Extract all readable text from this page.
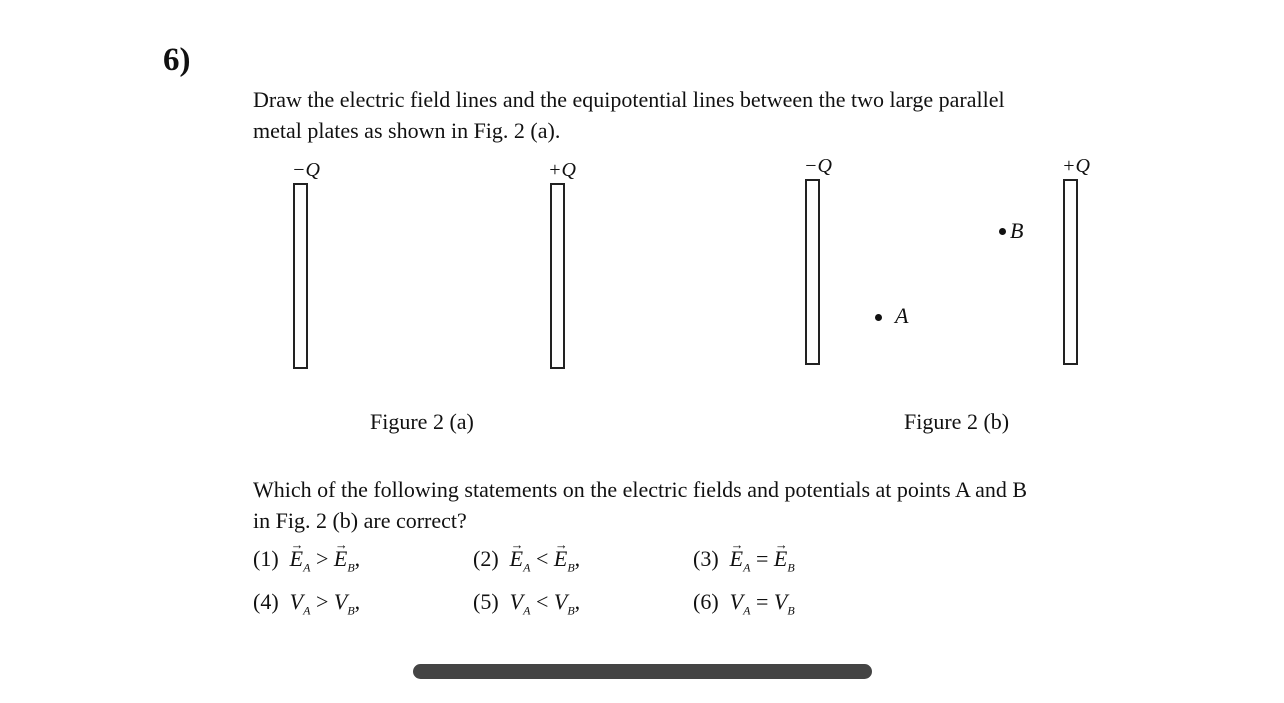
6)
Draw the electric field lines and the equipotential lines between the two large parallel
metal plates as shown in Fig. 2 (a).
−Q	+Q
Figure 2 (a)
−Q	+Q
A
B
Figure 2 (b)
Which of the following statements on the electric fields and potentials at points A and B
in Fig. 2 (b) are correct?
$(1) \to E_A$ > → $E_B$,	$(2) \to E_A$ < → $E_B$,	$(3) \to E_A$ = → $E_B$
(4) $V_A > V_B$,	(5) $V_A < V_B$,	(6) $V_A = V_B$
